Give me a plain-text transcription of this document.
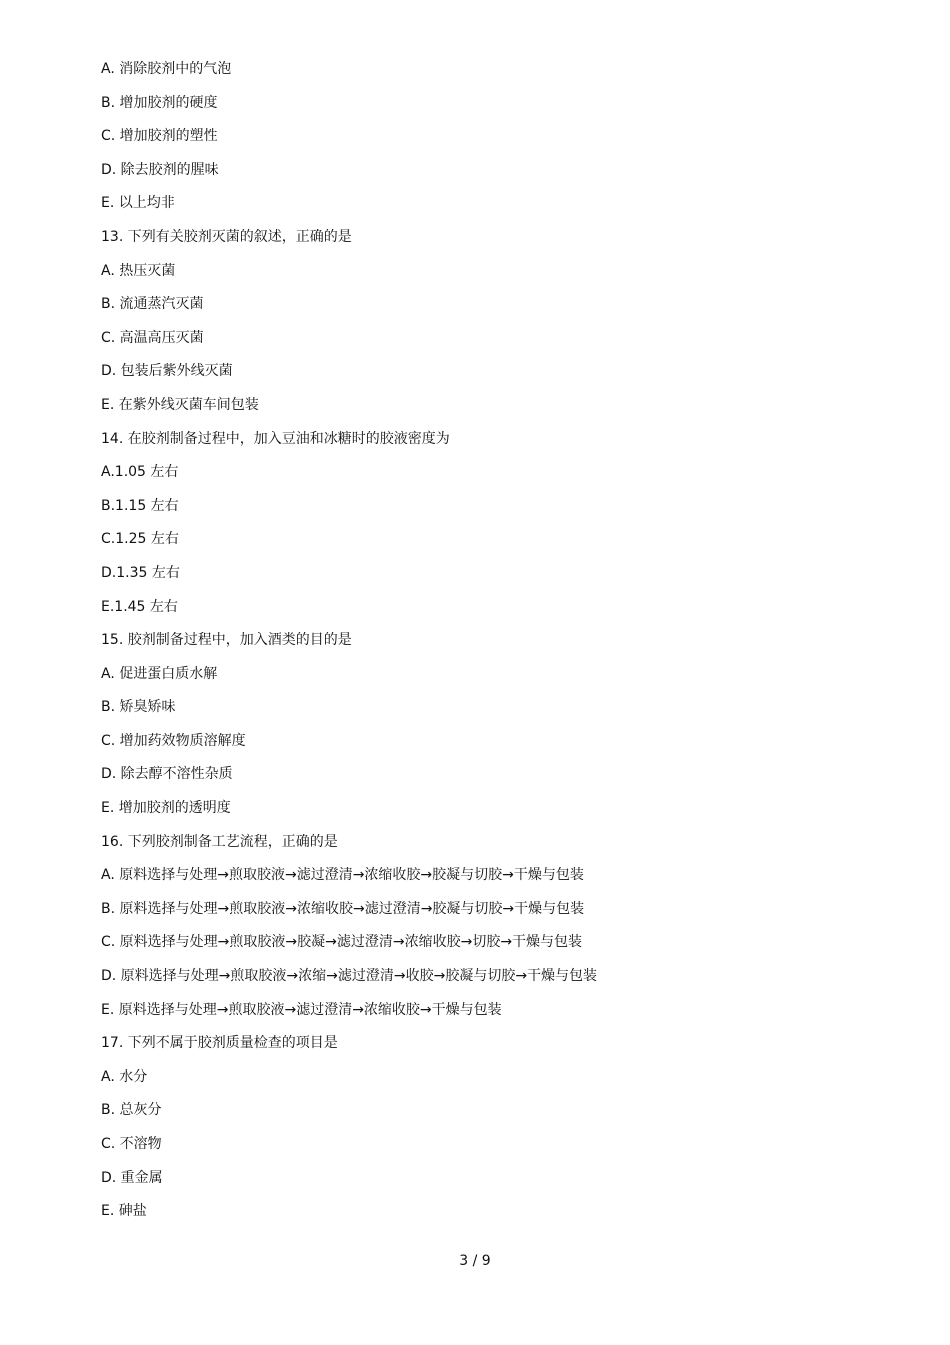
A. 消除胶剂中的气泡
B. 增加胶剂的硬度
C. 增加胶剂的塑性
D. 除去胶剂的腥味
E. 以上均非
13. 下列有关胶剂灭菌的叙述，正确的是
A. 热压灭菌
B. 流通蒸汽灭菌
C. 高温高压灭菌
D. 包装后紫外线灭菌
E. 在紫外线灭菌车间包装
14. 在胶剂制备过程中，加入豆油和冰糖时的胶液密度为
A.1.05 左右
B.1.15 左右
C.1.25 左右
D.1.35 左右
E.1.45 左右
15. 胶剂制备过程中，加入酒类的目的是
A. 促进蛋白质水解
B. 矫臭矫味
C. 增加药效物质溶解度
D. 除去醇不溶性杂质
E. 增加胶剂的透明度
16. 下列胶剂制备工艺流程，正确的是
A. 原料选择与处理→煎取胶液→滤过澄清→浓缩收胶→胶凝与切胶→干燥与包装
B. 原料选择与处理→煎取胶液→浓缩收胶→滤过澄清→胶凝与切胶→干燥与包装
C. 原料选择与处理→煎取胶液→胶凝→滤过澄清→浓缩收胶→切胶→干燥与包装
D. 原料选择与处理→煎取胶液→浓缩→滤过澄清→收胶→胶凝与切胶→干燥与包装
E. 原料选择与处理→煎取胶液→滤过澄清→浓缩收胶→干燥与包装
17. 下列不属于胶剂质量检查的项目是
A. 水分
B. 总灰分
C. 不溶物
D. 重金属
E. 砷盐
3 / 9
